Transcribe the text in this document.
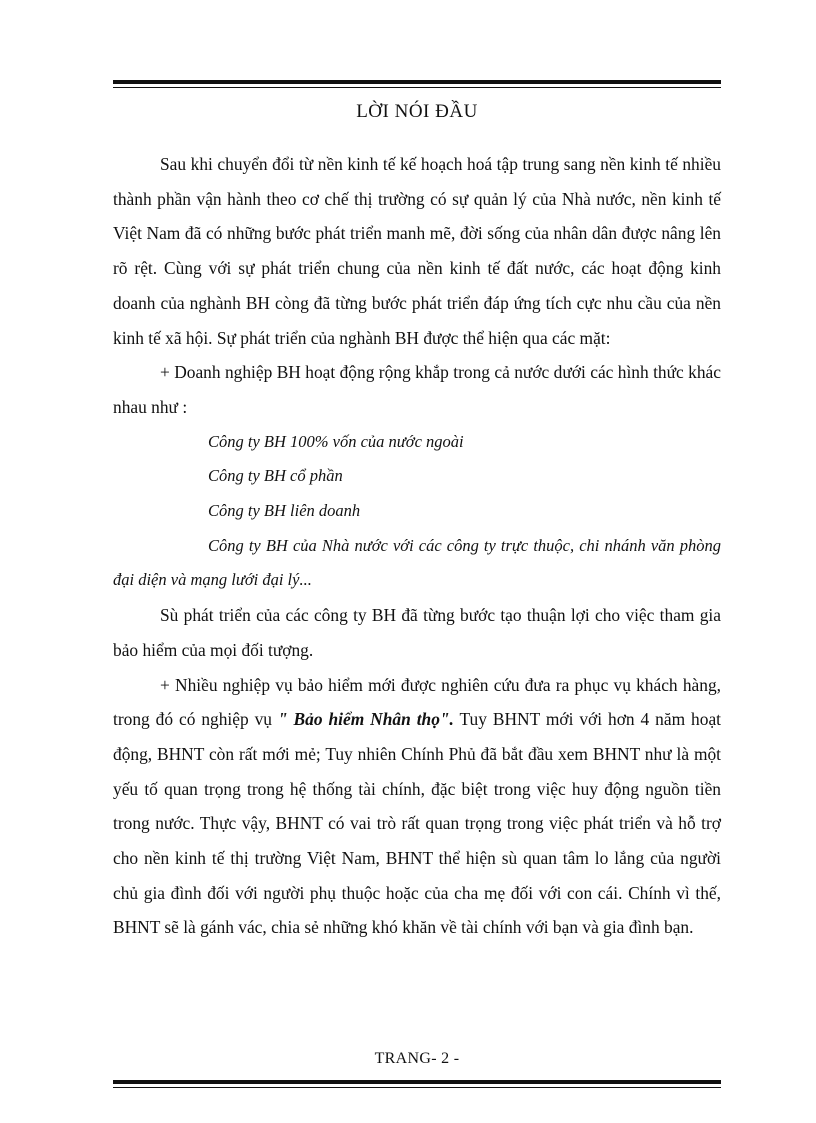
LỜI NÓI ĐẦU

Sau khi chuyển đổi từ nền kinh tế kế hoạch hoá tập trung sang nền kinh tế nhiều thành phần vận hành theo cơ chế thị trường có sự quản lý của Nhà nước, nền kinh tế Việt Nam đã có những bước phát triển manh mẽ, đời sống của nhân dân được nâng lên rõ rệt. Cùng với sự phát triển chung của nền kinh tế đất nước, các hoạt động kinh doanh của nghành BH còng đã từng bước phát triển đáp ứng tích cực nhu cầu của nền kinh tế xã hội. Sự phát triển của nghành BH được thể hiện qua các mặt:

+ Doanh nghiệp BH hoạt động rộng khắp trong cả nước dưới các hình thức khác nhau như :

Công ty BH 100% vốn của nước ngoài

Công ty BH cổ phần

Công ty BH liên doanh

Công ty BH của Nhà nước với các công ty trực thuộc, chi nhánh văn phòng đại diện và mạng lưới đại lý...

Sù phát triển của các công ty BH đã từng bước tạo thuận lợi cho việc tham gia bảo hiểm của mọi đối tượng.

+ Nhiều nghiệp vụ bảo hiểm mới được nghiên cứu đưa ra phục vụ khách hàng, trong đó có nghiệp vụ " Bảo hiểm Nhân thọ". Tuy BHNT mới với hơn 4 năm hoạt động, BHNT còn rất mới mẻ; Tuy nhiên Chính Phủ đã bắt đầu xem BHNT như là một yếu tố quan trọng trong hệ thống tài chính, đặc biệt trong việc huy động nguồn tiền trong nước. Thực vậy, BHNT có vai trò rất quan trọng trong việc phát triển và hỗ trợ cho nền kinh tế thị trường Việt Nam, BHNT thể hiện sù quan tâm lo lắng của người chủ gia đình đối với người phụ thuộc hoặc của cha mẹ đối với con cái. Chính vì thế, BHNT sẽ là gánh vác, chia sẻ những khó khăn về tài chính với bạn và gia đình bạn.

TRANG- 2 -
